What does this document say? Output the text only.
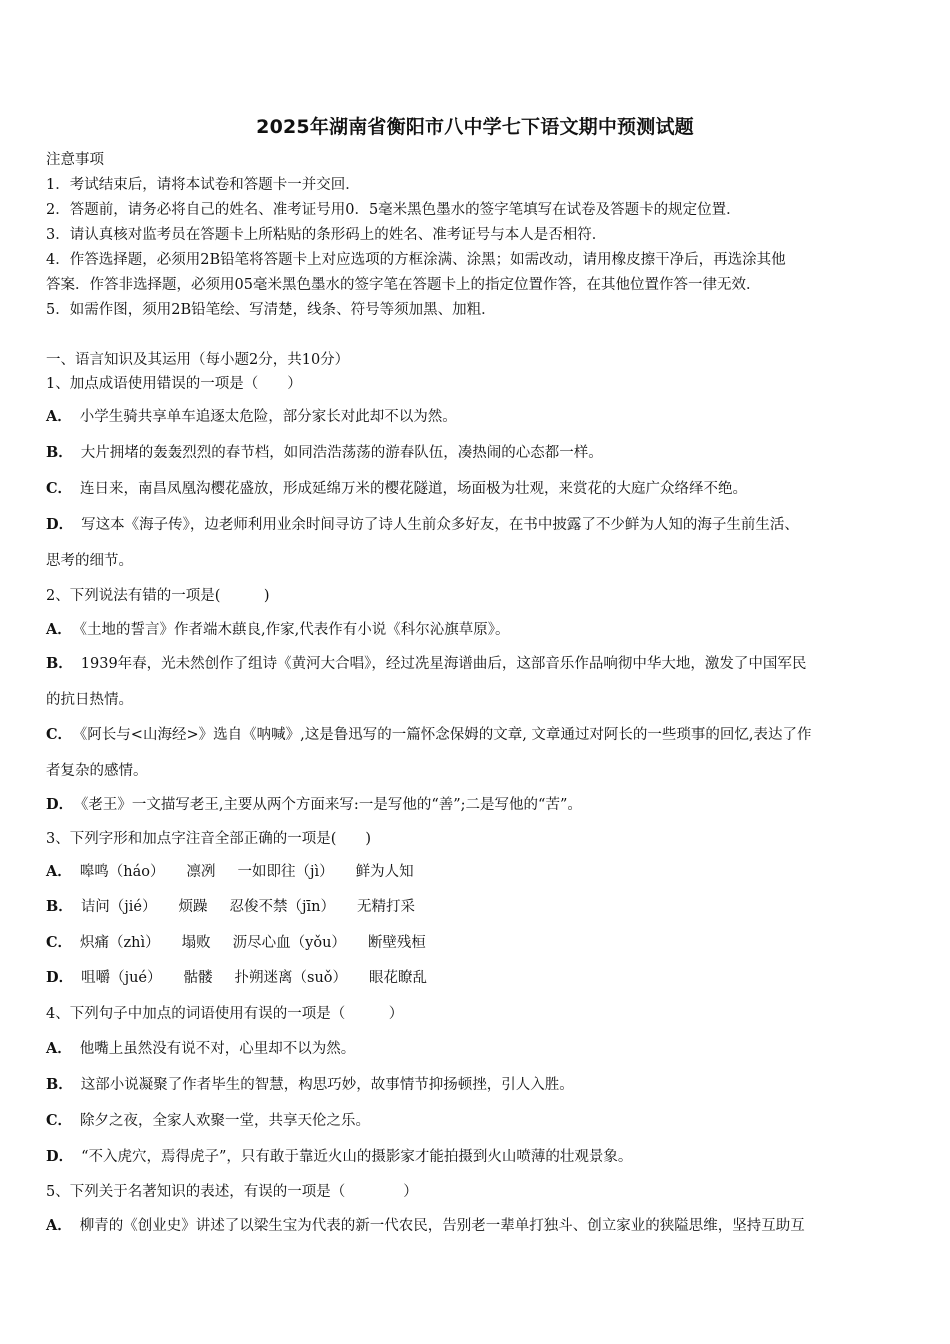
2025年湖南省衡阳市八中学七下语文期中预测试题
注意事项
1．考试结束后，请将本试卷和答题卡一并交回．
2．答题前，请务必将自己的姓名、准考证号用0．5毫米黑色墨水的签字笔填写在试卷及答题卡的规定位置．
3．请认真核对监考员在答题卡上所粘贴的条形码上的姓名、准考证号与本人是否相符．
4．作答选择题，必须用2B铅笔将答题卡上对应选项的方框涂满、涂黑；如需改动，请用橡皮擦干净后，再选涂其他
答案．作答非选择题，必须用05毫米黑色墨水的签字笔在答题卡上的指定位置作答，在其他位置作答一律无效．
5．如需作图，须用2B铅笔绘、写清楚，线条、符号等须加黑、加粗．
一、语言知识及其运用（每小题2分，共10分）
1、加点成语使用错误的一项是（　　）
A． 小学生骑共享单车追逐太危险，部分家长对此却不以为然。
B． 大片拥堵的轰轰烈烈的春节档，如同浩浩荡荡的游春队伍，凑热闹的心态都一样。
C． 连日来，南昌凤凰沟樱花盛放，形成延绵万米的樱花隧道，场面极为壮观，来赏花的大庭广众络绎不绝。
D． 写这本《海子传》，边老师利用业余时间寻访了诗人生前众多好友，在书中披露了不少鲜为人知的海子生前生活、
思考的细节。
2、下列说法有错的一项是(　　　)
A． 《土地的誓言》作者端木蕻良,作家,代表作有小说《科尔沁旗草原》。
B． 1939年春，光未然创作了组诗《黄河大合唱》，经过冼星海谱曲后，这部音乐作品响彻中华大地，激发了中国军民
的抗日热情。
C． 《阿长与<山海经>》选自《呐喊》,这是鲁迅写的一篇怀念保姆的文章, 文章通过对阿长的一些琐事的回忆,表达了作
者复杂的感情。
D． 《老王》一文描写老王,主要从两个方面来写:一是写他的“善”;二是写他的“苦”。
3、下列字形和加点字注音全部正确的一项是(　　)
A． 嗥鸣（háo） 凛冽 一如即往（jì） 鲜为人知
B． 诘问（jié） 烦躁 忍俊不禁（jīn） 无精打采
C． 炽痛（zhì） 塌败 沥尽心血（yǒu） 断壁残桓
D． 咀嚼（jué） 骷髅 扑朔迷离（suǒ） 眼花瞭乱
4、下列句子中加点的词语使用有误的一项是（　　　）
A． 他嘴上虽然没有说不对，心里却不以为然。
B． 这部小说凝聚了作者毕生的智慧，构思巧妙，故事情节抑扬顿挫，引人入胜。
C． 除夕之夜，全家人欢聚一堂，共享天伦之乐。
D． “不入虎穴，焉得虎子”，只有敢于靠近火山的摄影家才能拍摄到火山喷薄的壮观景象。
5、下列关于名著知识的表述，有误的一项是（　　　　）
A． 柳青的《创业史》讲述了以梁生宝为代表的新一代农民，告别老一辈单打独斗、创立家业的狭隘思维，坚持互助互
